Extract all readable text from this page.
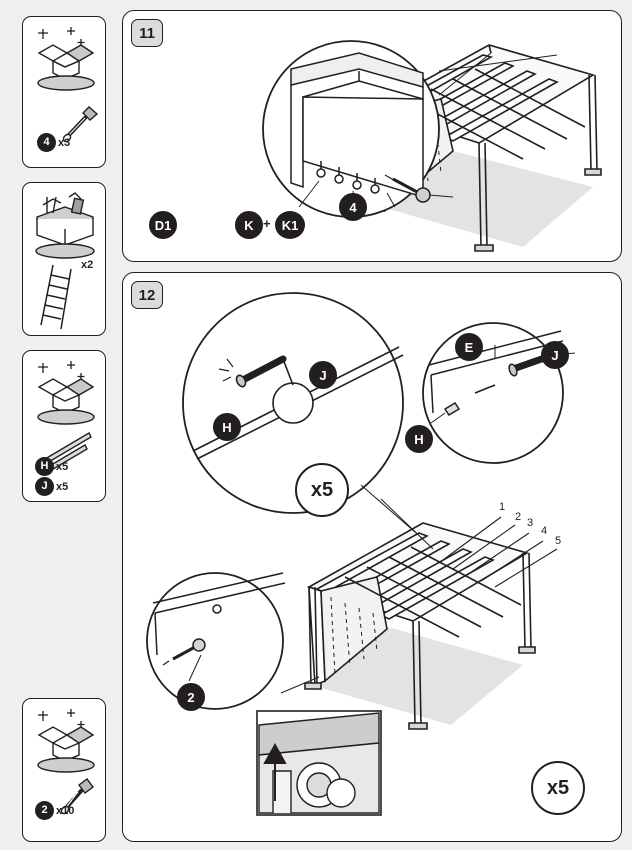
4 x3
x2
H x5
J x5
2 x10
11
D1	K + K1
4
12
J
H
E
J
H
2
x5
x5
1
2 3
4
5
